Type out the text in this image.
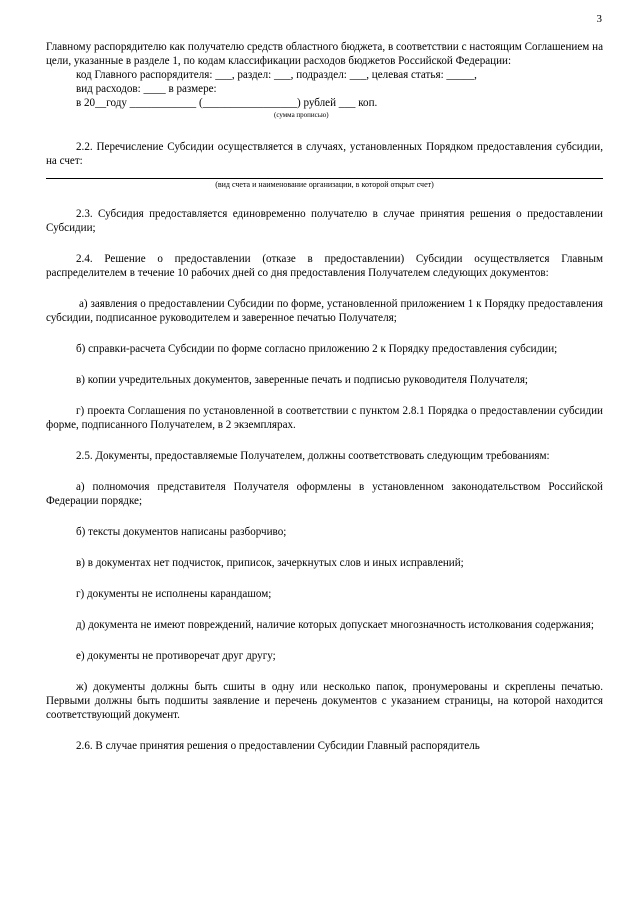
3

Главному распорядителю как получателю средств областного бюджета, в соответствии с настоящим Соглашением на цели, указанные в разделе 1, по кодам классификации расходов бюджетов Российской Федерации:

код Главного распорядителя: ___, раздел: ___, подраздел: ___, целевая статья: _____,

вид расходов: ____ в размере:

в 20__году ____________ (_________________) рублей ___ коп.

(сумма прописью)

2.2. Перечисление Субсидии осуществляется в случаях, установленных Порядком предоставления субсидии, на счет:

(вид счета и наименование организации, в которой открыт счет)

2.3. Субсидия предоставляется единовременно получателю в случае принятия решения о предоставлении Субсидии;

2.4. Решение о предоставлении (отказе в предоставлении) Субсидии осуществляется Главным распределителем в течение 10 рабочих дней со дня предоставления Получателем следующих документов:

а) заявления о предоставлении Субсидии по форме, установленной приложением 1 к Порядку предоставления субсидии, подписанное руководителем и заверенное печатью Получателя;

б) справки-расчета Субсидии по форме согласно приложению 2 к Порядку предоставления субсидии;

в) копии учредительных документов, заверенные печать и подписью руководителя Получателя;

г) проекта Соглашения по установленной в соответствии с пунктом 2.8.1 Порядка о предоставлении субсидии форме, подписанного Получателем, в 2 экземплярах.

2.5. Документы, предоставляемые Получателем, должны соответствовать следующим требованиям:

а) полномочия представителя Получателя оформлены в установленном законодательством Российской Федерации порядке;

б) тексты документов написаны разборчиво;

в) в документах нет подчисток, приписок, зачеркнутых слов и иных исправлений;

г) документы не исполнены карандашом;

д) документа не имеют повреждений, наличие которых допускает многозначность истолкования содержания;

е) документы не противоречат друг другу;

ж) документы должны быть сшиты в одну или несколько папок, пронумерованы и скреплены печатью. Первыми должны быть подшиты заявление и перечень документов с указанием страницы, на которой находится соответствующий документ.

2.6. В случае принятия решения о предоставлении Субсидии Главный распорядитель
